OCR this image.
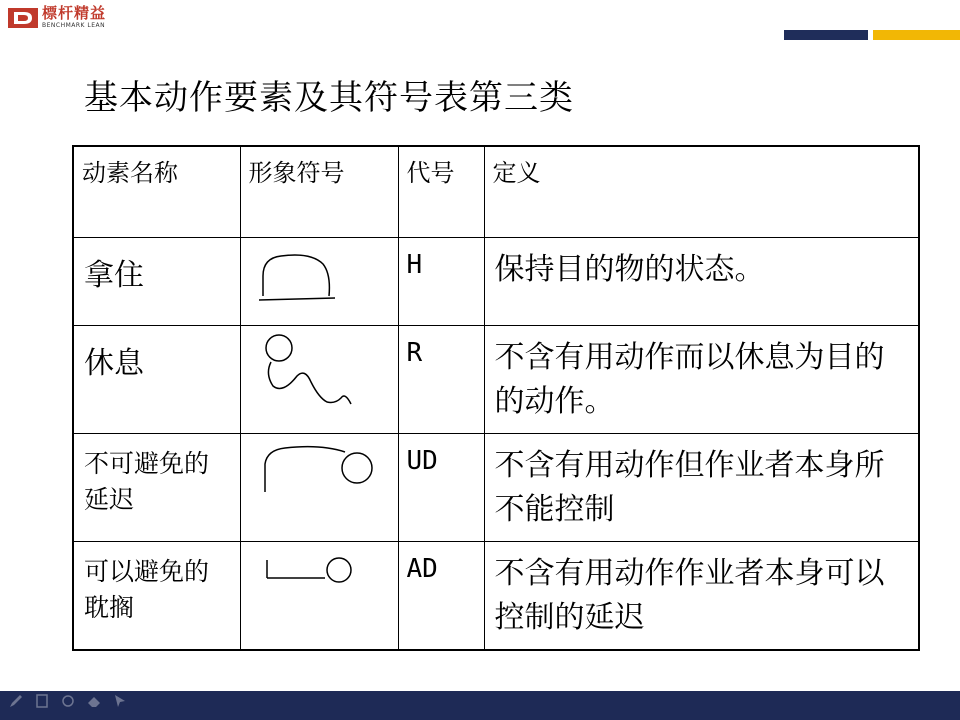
標杆精益
BENCHMARK LEAN
基本动作要素及其符号表第三类
动素名称	形象符号	代号	定义

拿住		H	保持目的物的状态。

休息		R	不含有用动作而以休息为目的的动作。

不可避免的延迟		UD	不含有用动作但作业者本身所不能控制

可以避免的耽搁		AD	不含有用动作作业者本身可以控制的延迟
